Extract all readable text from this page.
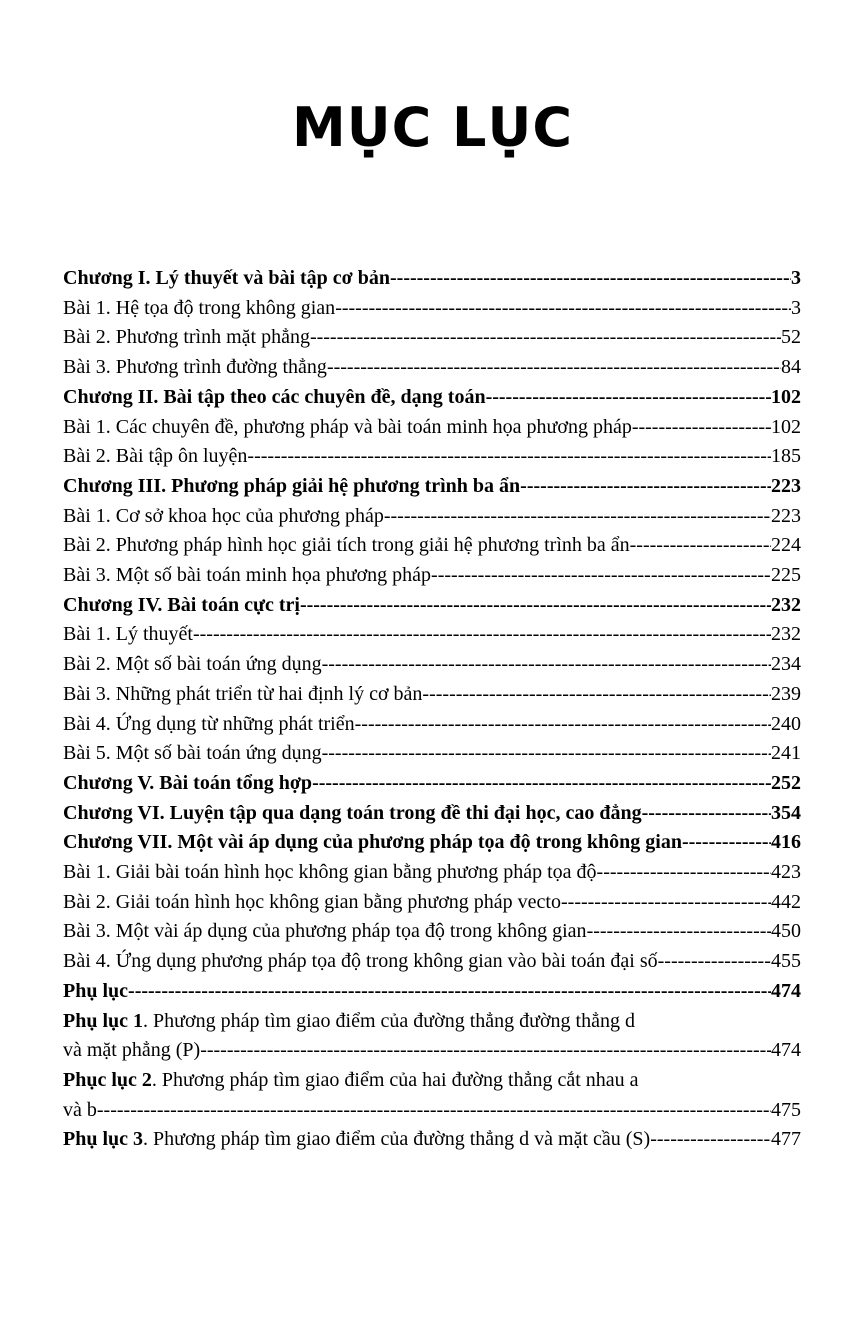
MỤC LỤC
Chương I. Lý thuyết và bài tập cơ bản -----	3
Bài 1. Hệ tọa độ trong không gian -----	3
Bài 2. Phương trình mặt phẳng -----	52
Bài 3. Phương trình đường thẳng -----	84
Chương II. Bài tập theo các chuyên đề, dạng toán -----	102
Bài 1. Các chuyên đề, phương pháp và bài toán minh họa phương pháp -----	102
Bài 2. Bài tập ôn luyện -----	185
Chương III. Phương pháp giải hệ phương trình ba ẩn -----	223
Bài 1. Cơ sở khoa học của phương pháp -----	223
Bài 2. Phương pháp hình học giải tích trong giải hệ phương trình ba ẩn -----	224
Bài 3. Một số bài toán minh họa phương pháp -----	225
Chương IV. Bài toán cực trị -----	232
Bài 1. Lý thuyết -----	232
Bài 2. Một số bài toán ứng dụng -----	234
Bài 3. Những phát triển từ hai định lý cơ bản -----	239
Bài 4. Ứng dụng từ những phát triển -----	240
Bài 5. Một số bài toán ứng dụng -----	241
Chương V. Bài toán tổng hợp -----	252
Chương VI. Luyện tập qua dạng toán trong đề thi đại học, cao đẳng -----	354
Chương VII. Một vài áp dụng của phương pháp tọa độ trong không gian -----	416
Bài 1. Giải bài toán hình học không gian bằng phương pháp tọa độ -----	423
Bài 2. Giải toán hình học không gian bằng phương pháp vecto -----	442
Bài 3. Một vài áp dụng của phương pháp tọa độ trong không gian -----	450
Bài 4. Ứng dụng phương pháp tọa độ trong không gian vào bài toán đại số -----	455
Phụ lục -----	474
Phụ lục 1. Phương pháp tìm giao điểm của đường thẳng đường thẳng d
và mặt phẳng (P) -----	474
Phục lục 2. Phương pháp tìm giao điểm của hai đường thẳng cắt nhau a
và b -----	475
Phụ lục 3. Phương pháp tìm giao điểm của đường thẳng d và mặt cầu (S) -----	477
